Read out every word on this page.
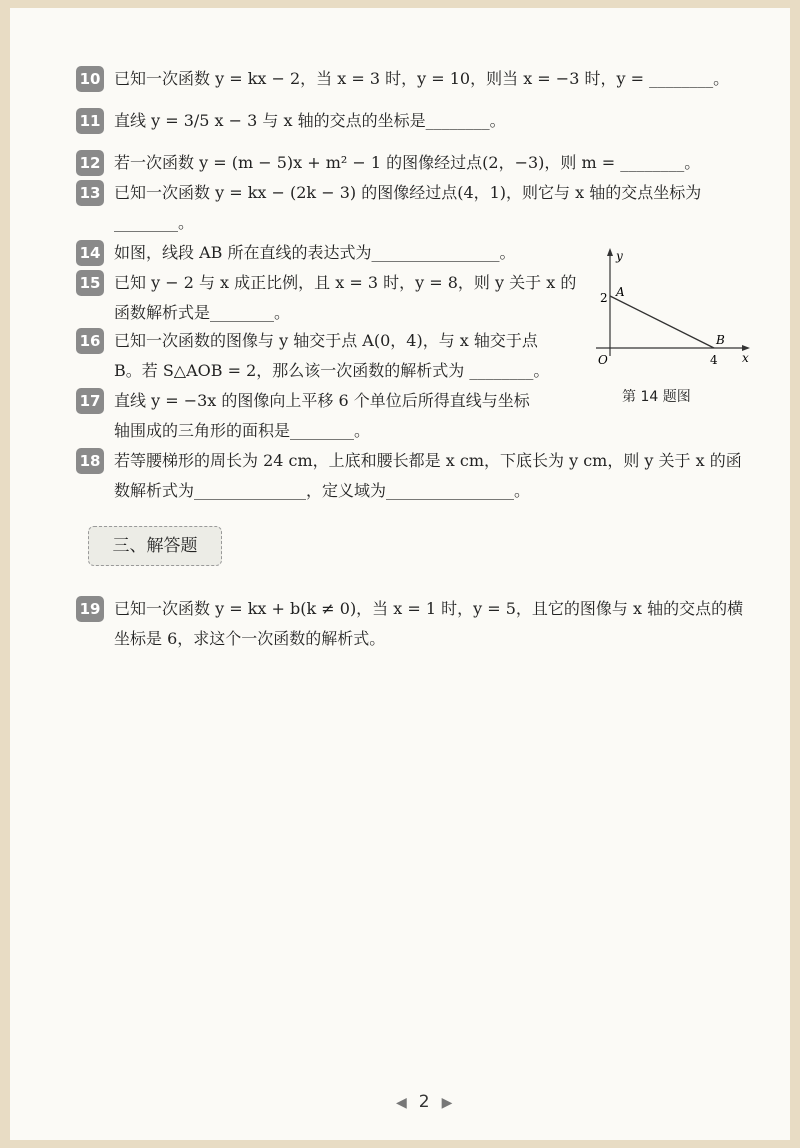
10 已知一次函数 y = kx − 2，当 x = 3 时，y = 10，则当 x = −3 时，y = ________。
11 直线 y = 3/5 x − 3 与 x 轴的交点的坐标是________。
12 若一次函数 y = (m − 5)x + m² − 1 的图像经过点(2，−3)，则 m = ________。
13 已知一次函数 y = kx − (2k − 3) 的图像经过点(4，1)，则它与 x 轴的交点坐标为
________。
14 如图，线段 AB 所在直线的表达式为________________。
15 已知 y − 2 与 x 成正比例，且 x = 3 时，y = 8，则 y 关于 x 的
函数解析式是________。
16 已知一次函数的图像与 y 轴交于点 A(0，4)，与 x 轴交于点
B。若 S△AOB = 2，那么该一次函数的解析式为 ________。
17 直线 y = −3x 的图像向上平移 6 个单位后所得直线与坐标
轴围成的三角形的面积是________。
18 若等腰梯形的周长为 24 cm，上底和腰长都是 x cm，下底长为 y cm，则 y 关于 x 的函
数解析式为______________，定义域为________________。
三、解答题
19 已知一次函数 y = kx + b(k ≠ 0)，当 x = 1 时，y = 5，且它的图像与 x 轴的交点的横
坐标是 6，求这个一次函数的解析式。
y
x
O
A
2
B
4
第 14 题图
◀ 2 ▶
